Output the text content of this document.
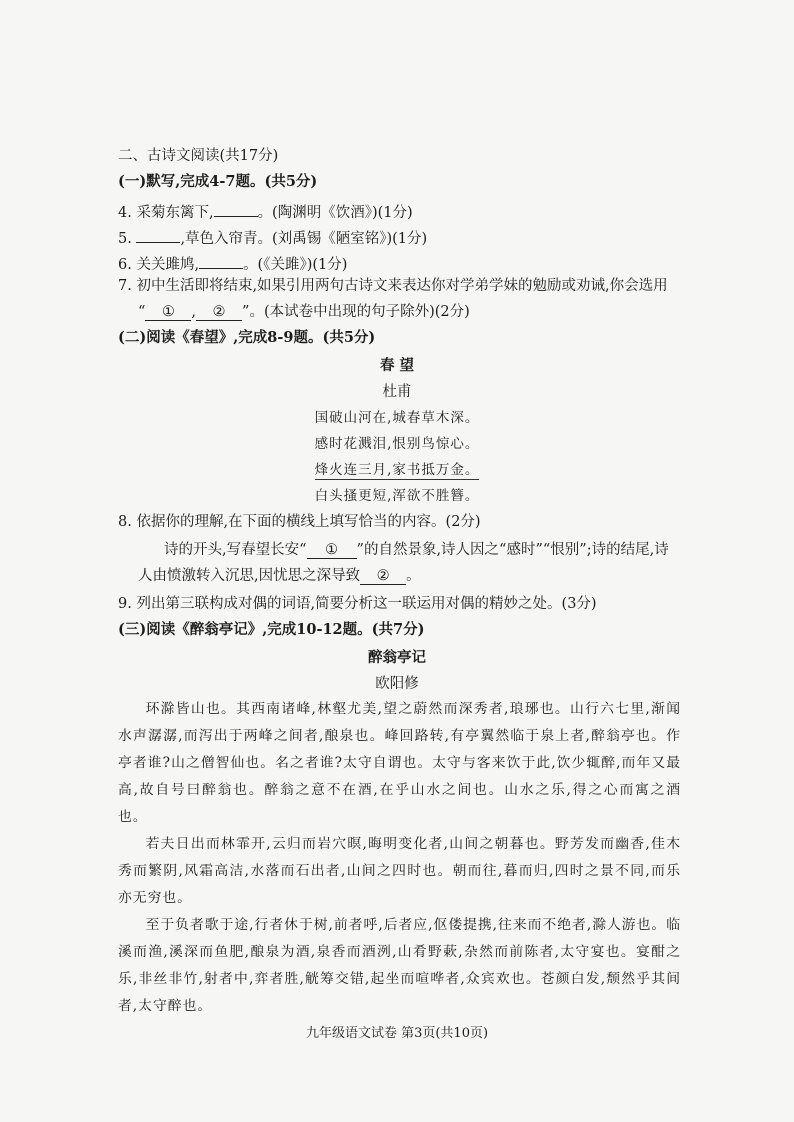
二、古诗文阅读(共17分)
(一)默写,完成4-7题。(共5分)
4. 采菊东篱下,	。(陶渊明《饮酒》)(1分)
5.	,草色入帘青。(刘禹锡《陋室铭》)(1分)
6. 关关雎鸠,	。(《关雎》)(1分)
7. 初中生活即将结束,如果引用两句古诗文来表达你对学弟学妹的勉励或劝诫,你会选用
“ ① , ② ”。(本试卷中出现的句子除外)(2分)
(二)阅读《春望》,完成8-9题。(共5分)
春 望
杜甫
国破山河在,城春草木深。
感时花溅泪,恨别鸟惊心。
烽火连三月,家书抵万金。
白头搔更短,浑欲不胜簪。
8. 依据你的理解,在下面的横线上填写恰当的内容。(2分)
诗的开头,写春望长安“ ① ”的自然景象,诗人因之“感时”“恨别”;诗的结尾,诗
人由愤激转入沉思,因忧思之深导致 ② 。
9. 列出第三联构成对偶的词语,简要分析这一联运用对偶的精妙之处。(3分)
(三)阅读《醉翁亭记》,完成10-12题。(共7分)
醉翁亭记
欧阳修

环滁皆山也。其西南诸峰,林壑尤美,望之蔚然而深秀者,琅琊也。山行六七里,渐闻水声潺潺,而泻出于两峰之间者,酿泉也。峰回路转,有亭翼然临于泉上者,醉翁亭也。作亭者谁?山之僧智仙也。名之者谁?太守自谓也。太守与客来饮于此,饮少辄醉,而年又最高,故自号曰醉翁也。醉翁之意不在酒,在乎山水之间也。山水之乐,得之心而寓之酒也。

若夫日出而林霏开,云归而岩穴暝,晦明变化者,山间之朝暮也。野芳发而幽香,佳木秀而繁阴,风霜高洁,水落而石出者,山间之四时也。朝而往,暮而归,四时之景不同,而乐亦无穷也。

至于负者歌于途,行者休于树,前者呼,后者应,伛偻提携,往来而不绝者,滁人游也。临溪而渔,溪深而鱼肥,酿泉为酒,泉香而酒洌,山肴野蔌,杂然而前陈者,太守宴也。宴酣之乐,非丝非竹,射者中,弈者胜,觥筹交错,起坐而喧哗者,众宾欢也。苍颜白发,颓然乎其间者,太守醉也。

九年级语文试卷 第3页(共10页)
